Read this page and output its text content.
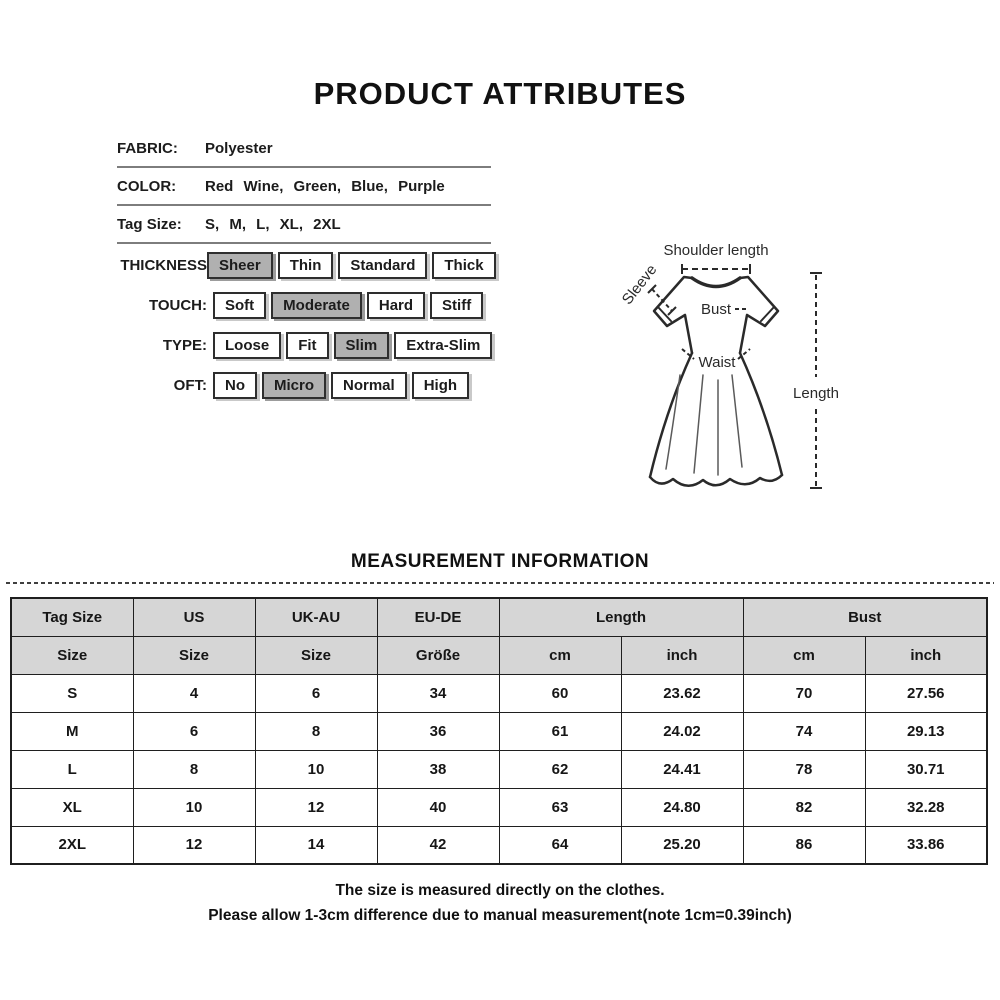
PRODUCT ATTRIBUTES
FABRIC:	Polyester
COLOR:	Red Wine, Green, Blue, Purple
Tag Size:	S, M, L, XL, 2XL
THICKNESS Sheer	Thin	Standard	Thick
TOUCH:	Soft	Moderate	Hard	Stiff
TYPE:	Loose	Fit	Slim	Extra-Slim
OFT:	No	Micro	Normal	High
Shoulder length
Sleeve
Bust
Waist
Length
MEASUREMENT INFORMATION
Tag Size	US	UK-AU	EU-DE	Length		Bust	
Size	Size	Size	Größe	cm	inch	cm	inch
S	4	6	34	60	23.62	70	27.56
M	6	8	36	61	24.02	74	29.13
L	8	10	38	62	24.41	78	30.71
XL	10	12	40	63	24.80	82	32.28
2XL	12	14	42	64	25.20	86	33.86
The size is measured directly on the clothes.
Please allow 1-3cm difference due to manual measurement(note 1cm=0.39inch)
